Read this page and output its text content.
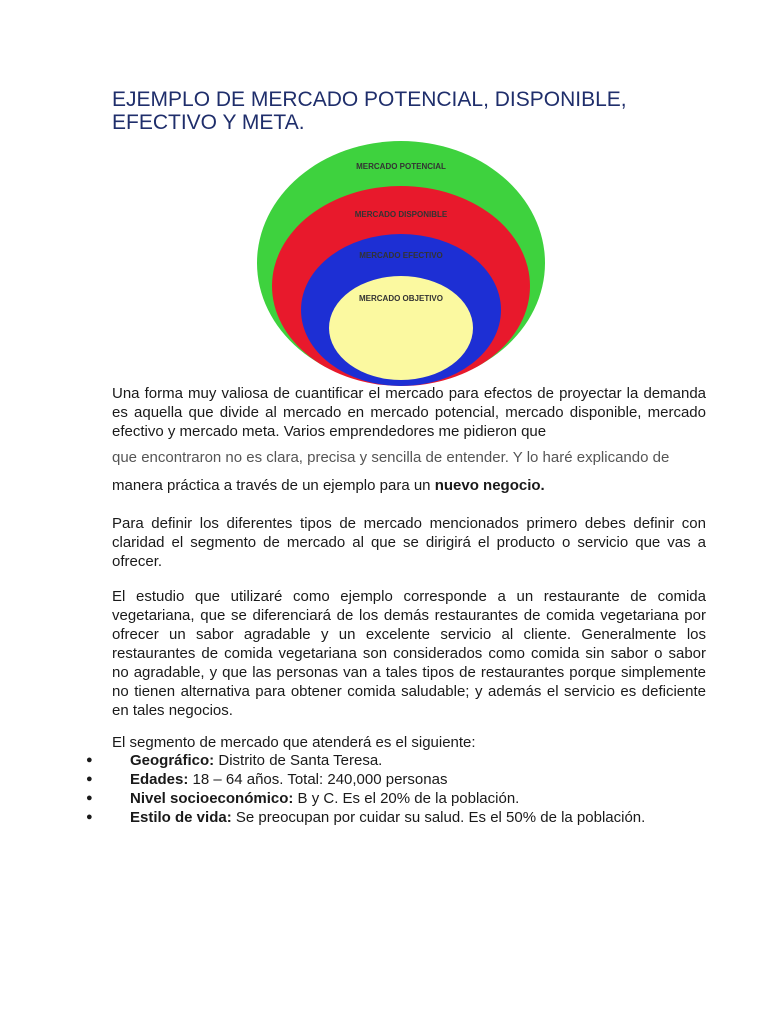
EJEMPLO DE MERCADO POTENCIAL, DISPONIBLE, EFECTIVO Y META.
MERCADO POTENCIAL
MERCADO DISPONIBLE
MERCADO EFECTIVO
MERCADO OBJETIVO

Una forma muy valiosa de cuantificar el mercado para efectos de proyectar la demanda es aquella que divide al mercado en mercado potencial, mercado disponible, mercado efectivo y mercado meta. Varios emprendedores me pidieron que

que encontraron no es clara, precisa y sencilla de entender. Y lo haré explicando de

manera práctica a través de un ejemplo para un nuevo negocio.

Para definir los diferentes tipos de mercado mencionados primero debes definir con claridad el segmento de mercado al que se dirigirá el producto o servicio que vas a ofrecer.

El estudio que utilizaré como ejemplo corresponde a un restaurante de comida vegetariana, que se diferenciará de los demás restaurantes de comida vegetariana por ofrecer un sabor agradable y un excelente servicio al cliente. Generalmente los restaurantes de comida vegetariana son considerados como comida sin sabor o sabor no agradable, y que las personas van a tales tipos de restaurantes porque simplemente no tienen alternativa para obtener comida saludable; y además el servicio es deficiente en tales negocios.

El segmento de mercado que atenderá es el siguiente:

● Geográfico: Distrito de Santa Teresa.
● Edades: 18 – 64 años. Total: 240,000 personas
● Nivel socioeconómico: B y C. Es el 20% de la población.
● Estilo de vida: Se preocupan por cuidar su salud. Es el 50% de la población.
